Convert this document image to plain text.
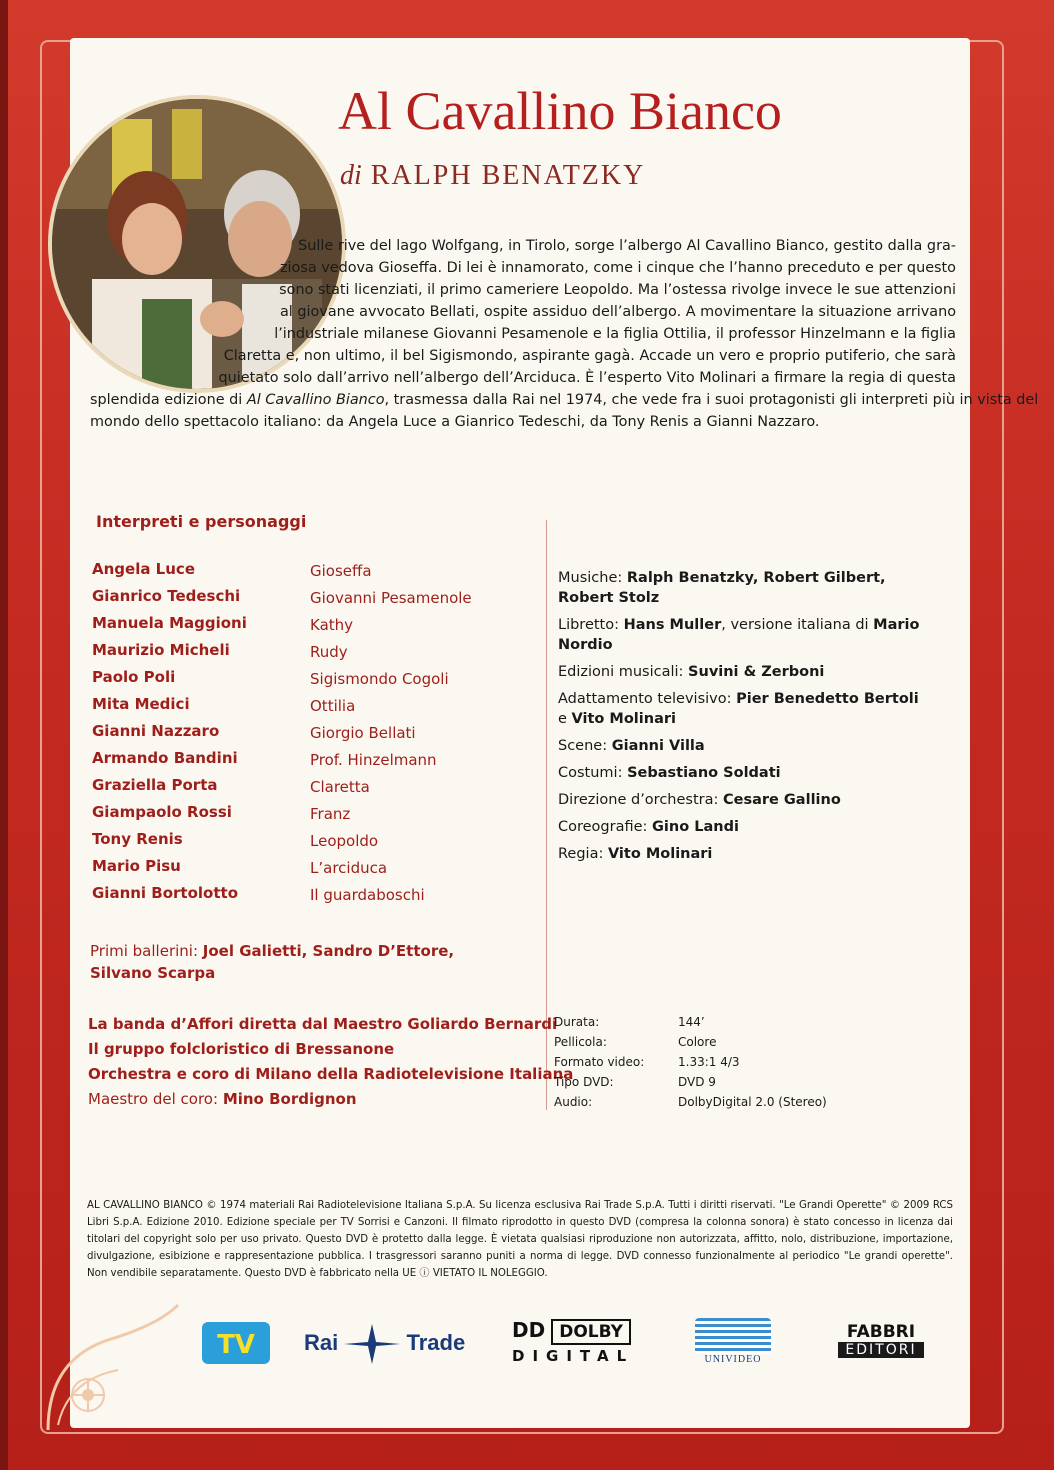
Al Cavallino Bianco
di RALPH BENATZKY
Sulle rive del lago Wolfgang, in Tirolo, sorge l’albergo Al Cavallino Bianco, gestito dalla gra-
ziosa vedova Gioseffa. Di lei è innamorato, come i cinque che l’hanno preceduto e per questo
sono stati licenziati, il primo cameriere Leopoldo. Ma l’ostessa rivolge invece le sue attenzioni
al giovane avvocato Bellati, ospite assiduo dell’albergo. A movimentare la situazione arrivano
l’industriale milanese Giovanni Pesamenole e la figlia Ottilia, il professor Hinzelmann e la figlia
Claretta e, non ultimo, il bel Sigismondo, aspirante gagà. Accade un vero e proprio putiferio, che sarà
quietato solo dall’arrivo nell’albergo dell’Arciduca. È l’esperto Vito Molinari a firmare la regia di questa
splendida edizione di Al Cavallino Bianco, trasmessa dalla Rai nel 1974, che vede fra i suoi protagonisti gli interpreti più in vista del
mondo dello spettacolo italiano: da Angela Luce a Gianrico Tedeschi, da Tony Renis a Gianni Nazzaro.
Interpreti e personaggi
Angela Luce	Gioseffa
Gianrico Tedeschi	Giovanni Pesamenole
Manuela Maggioni	Kathy
Maurizio Micheli	Rudy
Paolo Poli	Sigismondo Cogoli
Mita Medici	Ottilia
Gianni Nazzaro	Giorgio Bellati
Armando Bandini	Prof. Hinzelmann
Graziella Porta	Claretta
Giampaolo Rossi	Franz
Tony Renis	Leopoldo
Mario Pisu	L’arciduca
Gianni Bortolotto	Il guardaboschi
Musiche: Ralph Benatzky, Robert Gilbert,
Robert Stolz
Libretto: Hans Muller, versione italiana di Mario Nordio
Edizioni musicali: Suvini & Zerboni
Adattamento televisivo: Pier Benedetto Bertoli
e Vito Molinari
Scene: Gianni Villa
Costumi: Sebastiano Soldati
Direzione d’orchestra: Cesare Gallino
Coreografie: Gino Landi
Regia: Vito Molinari
Primi ballerini: Joel Galietti, Sandro D’Ettore,
Silvano Scarpa
La banda d’Affori diretta dal Maestro Goliardo Bernardi
Il gruppo folcloristico di Bressanone
Orchestra e coro di Milano della Radiotelevisione Italiana
Maestro del coro: Mino Bordignon
Durata:	144’
Pellicola:	Colore
Formato video:	1.33:1 4/3
Tipo DVD:	DVD 9
Audio:	DolbyDigital 2.0 (Stereo)
AL CAVALLINO BIANCO © 1974 materiali Rai Radiotelevisione Italiana S.p.A. Su licenza esclusiva Rai Trade S.p.A. Tutti i diritti riservati. "Le Grandi Operette" © 2009 RCS Libri S.p.A. Edizione 2010. Edizione speciale per TV Sorrisi e Canzoni. Il filmato riprodotto in questo DVD (compresa la colonna sonora) è stato concesso in licenza dai titolari del copyright solo per uso privato. Questo DVD è protetto dalla legge. È vietata qualsiasi riproduzione non autorizzata, affitto, nolo, distribuzione, importazione, divulgazione, esibizione e rappresentazione pubblica. I trasgressori saranno puniti a norma di legge. DVD connesso funzionalmente al periodico "Le grandi operette". Non vendibile separatamente. Questo DVD è fabbricato nella UE ⓘ VIETATO IL NOLEGGIO.
TV	Rai	Trade DD DOLBY
DIGITAL	UNIVIDEO
FABBRI
EDITORI
